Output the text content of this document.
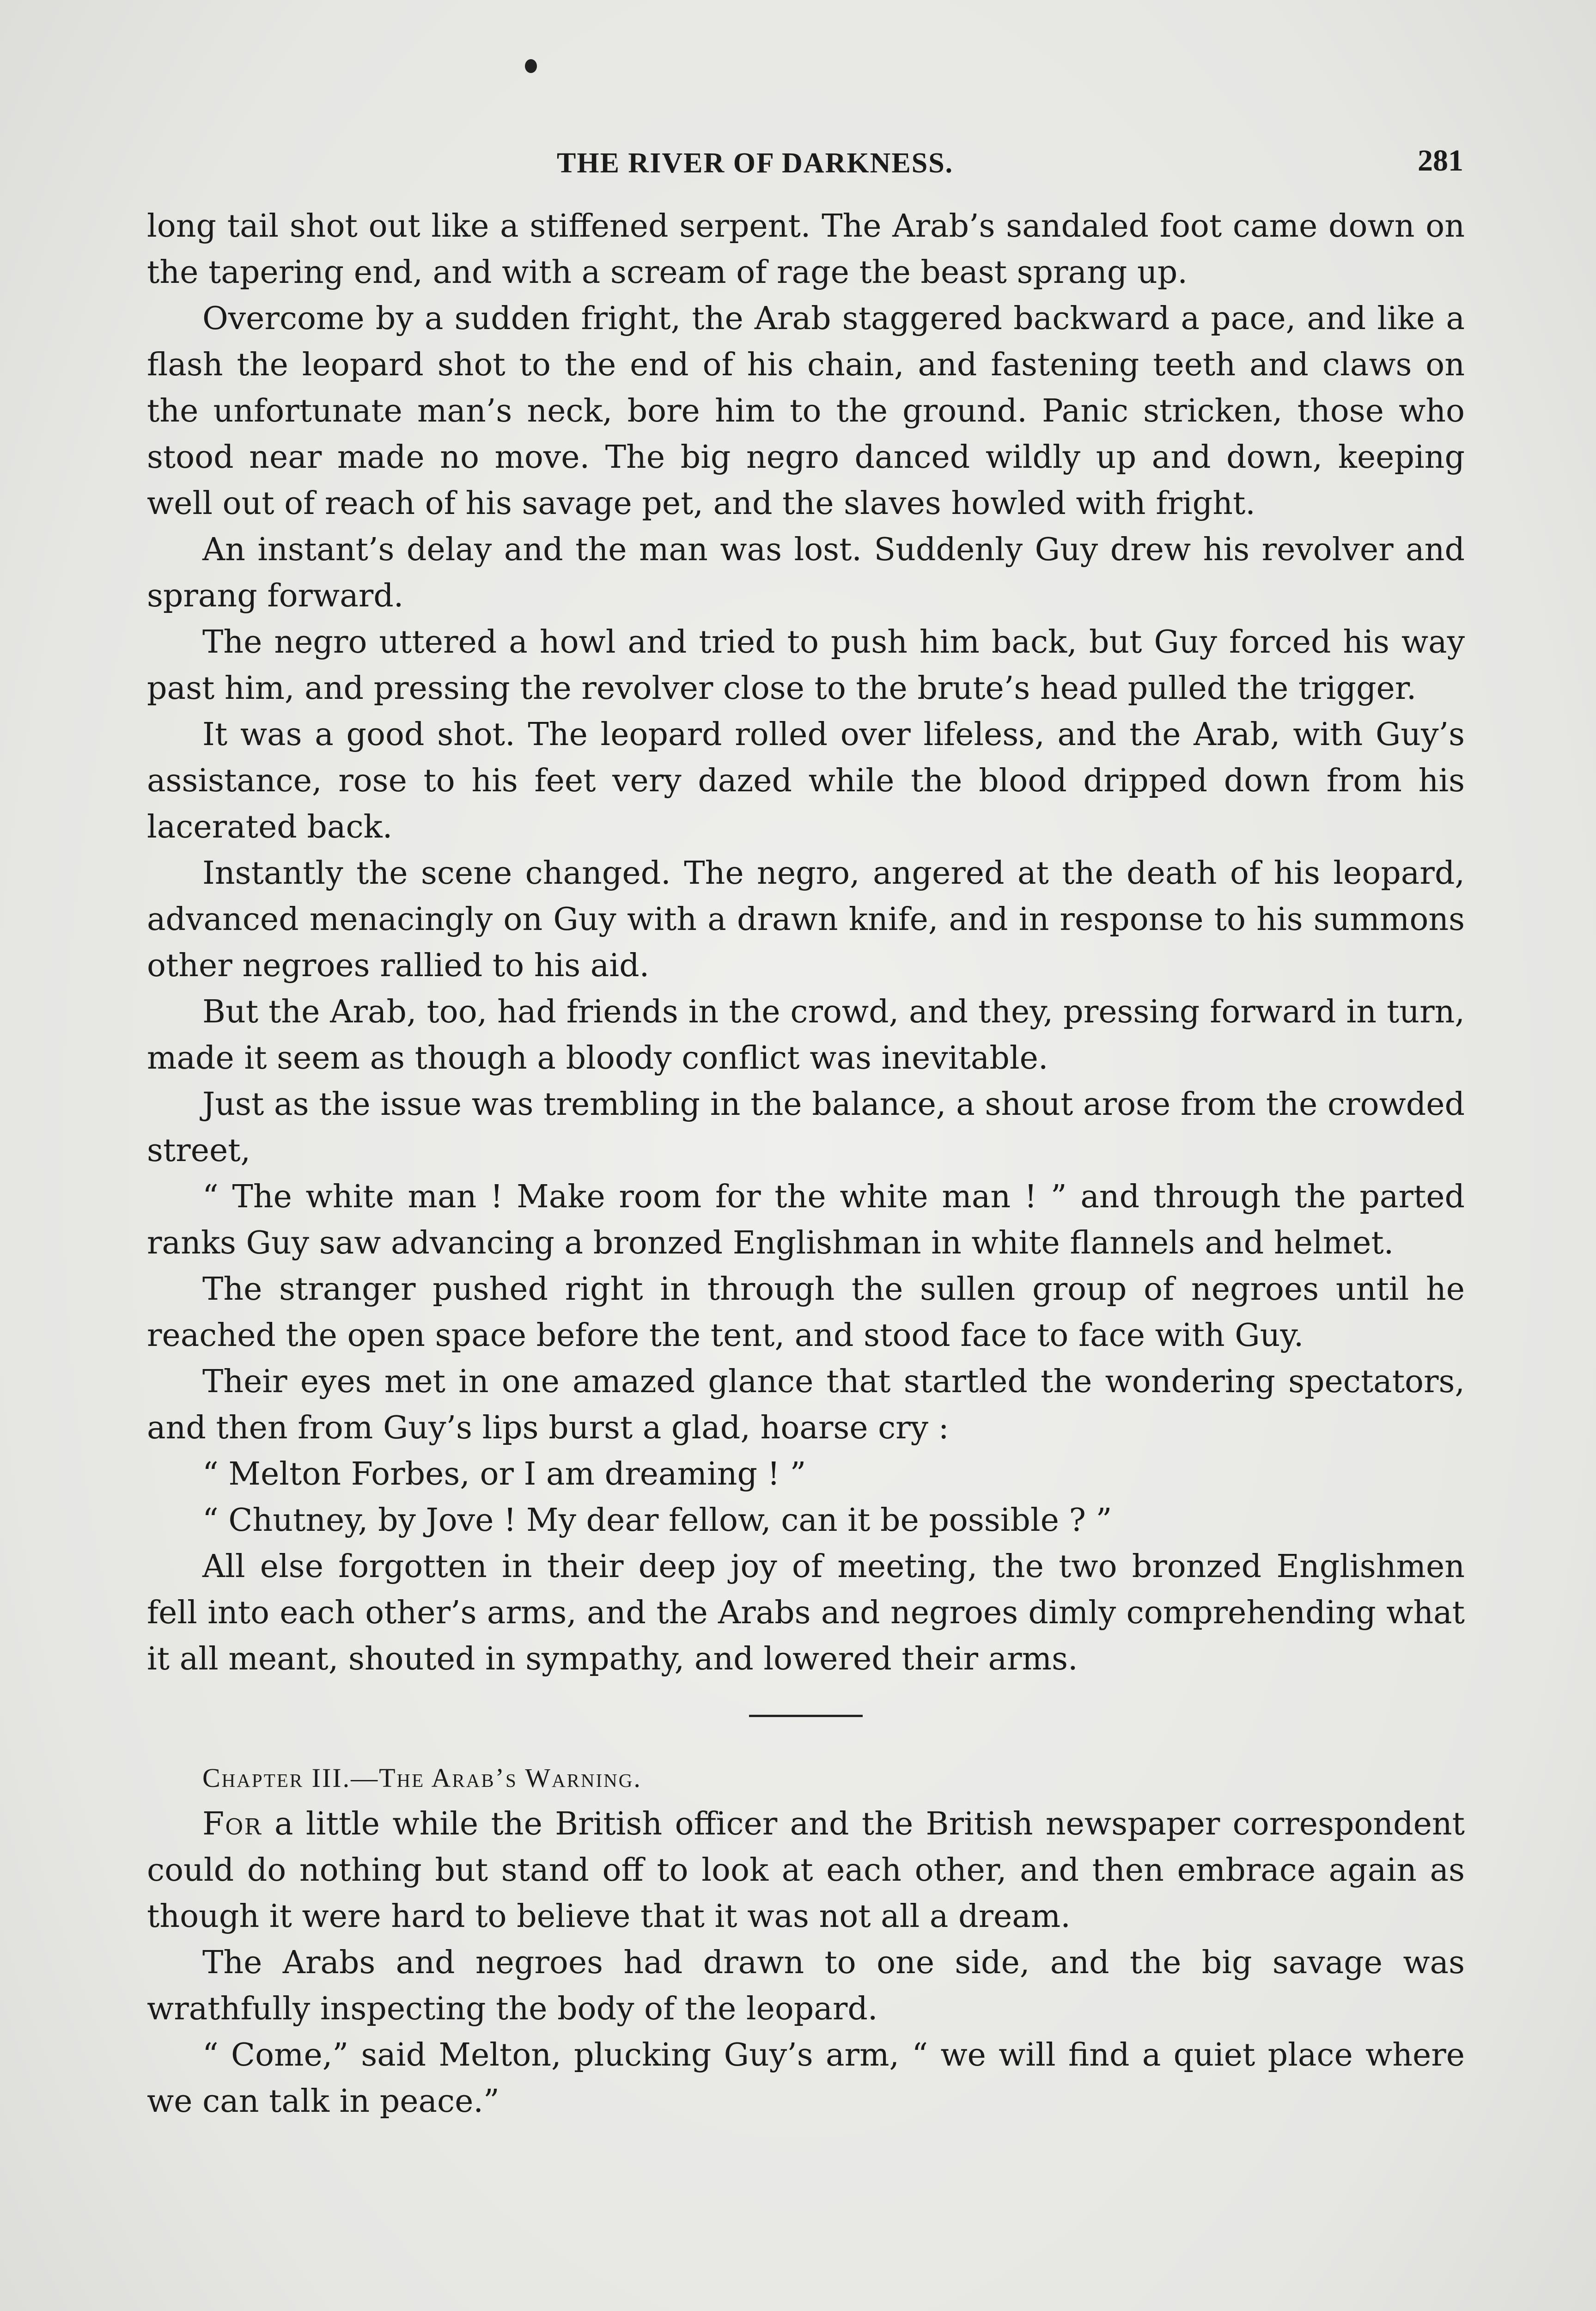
THE RIVER OF DARKNESS.	281

long tail shot out like a stiffened serpent. The Arab’s sandaled foot came down on the tapering end, and with a scream of rage the beast sprang up.

Overcome by a sudden fright, the Arab staggered backward a pace, and like a flash the leopard shot to the end of his chain, and fastening teeth and claws on the unfortunate man’s neck, bore him to the ground. Panic stricken, those who stood near made no move. The big negro danced wildly up and down, keeping well out of reach of his savage pet, and the slaves howled with fright.

An instant’s delay and the man was lost. Suddenly Guy drew his revolver and sprang forward.

The negro uttered a howl and tried to push him back, but Guy forced his way past him, and pressing the revolver close to the brute’s head pulled the trigger.

It was a good shot. The leopard rolled over lifeless, and the Arab, with Guy’s assistance, rose to his feet very dazed while the blood dripped down from his lacerated back.

Instantly the scene changed. The negro, angered at the death of his leopard, advanced menacingly on Guy with a drawn knife, and in response to his summons other negroes rallied to his aid.

But the Arab, too, had friends in the crowd, and they, pressing forward in turn, made it seem as though a bloody conflict was inevitable.

Just as the issue was trembling in the balance, a shout arose from the crowded street,

“ The white man ! Make room for the white man ! ” and through the parted ranks Guy saw advancing a bronzed Englishman in white flannels and helmet.

The stranger pushed right in through the sullen group of negroes until he reached the open space before the tent, and stood face to face with Guy.

Their eyes met in one amazed glance that startled the wondering spectators, and then from Guy’s lips burst a glad, hoarse cry :

“ Melton Forbes, or I am dreaming ! ”

“ Chutney, by Jove ! My dear fellow, can it be possible ? ”

All else forgotten in their deep joy of meeting, the two bronzed Englishmen fell into each other’s arms, and the Arabs and negroes dimly comprehending what it all meant, shouted in sympathy, and lowered their arms.

Chapter III.—The Arab’s Warning.

For a little while the British officer and the British newspaper correspondent could do nothing but stand off to look at each other, and then embrace again as though it were hard to believe that it was not all a dream.

The Arabs and negroes had drawn to one side, and the big savage was wrathfully inspecting the body of the leopard.

“ Come,” said Melton, plucking Guy’s arm, “ we will find a quiet place where we can talk in peace.”
